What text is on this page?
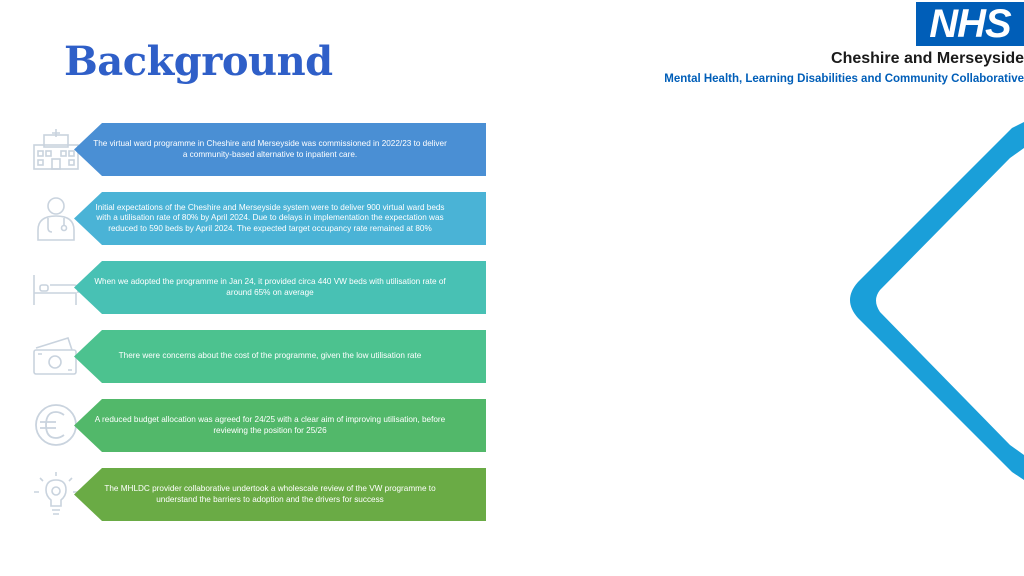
Background
NHS
Cheshire and Merseyside
Mental Health, Learning Disabilities and Community Collaborative
The virtual ward programme in Cheshire and Merseyside was commissioned in 2022/23 to deliver a community-based alternative to inpatient care.
Initial expectations of the Cheshire and Merseyside system were to deliver 900 virtual ward beds with a utilisation rate of 80% by April 2024. Due to delays in implementation the expectation was reduced to 590 beds by April 2024. The expected target occupancy rate remained at 80%
When we adopted the programme in Jan 24, it provided circa 440 VW beds with utilisation rate of around 65% on average
There were concerns about the cost of the programme, given the low utilisation rate
A reduced budget allocation was agreed for 24/25 with a clear aim of improving utilisation, before reviewing the position for 25/26
The MHLDC provider collaborative undertook a wholescale review of the VW programme to understand the barriers to adoption and the drivers for success
